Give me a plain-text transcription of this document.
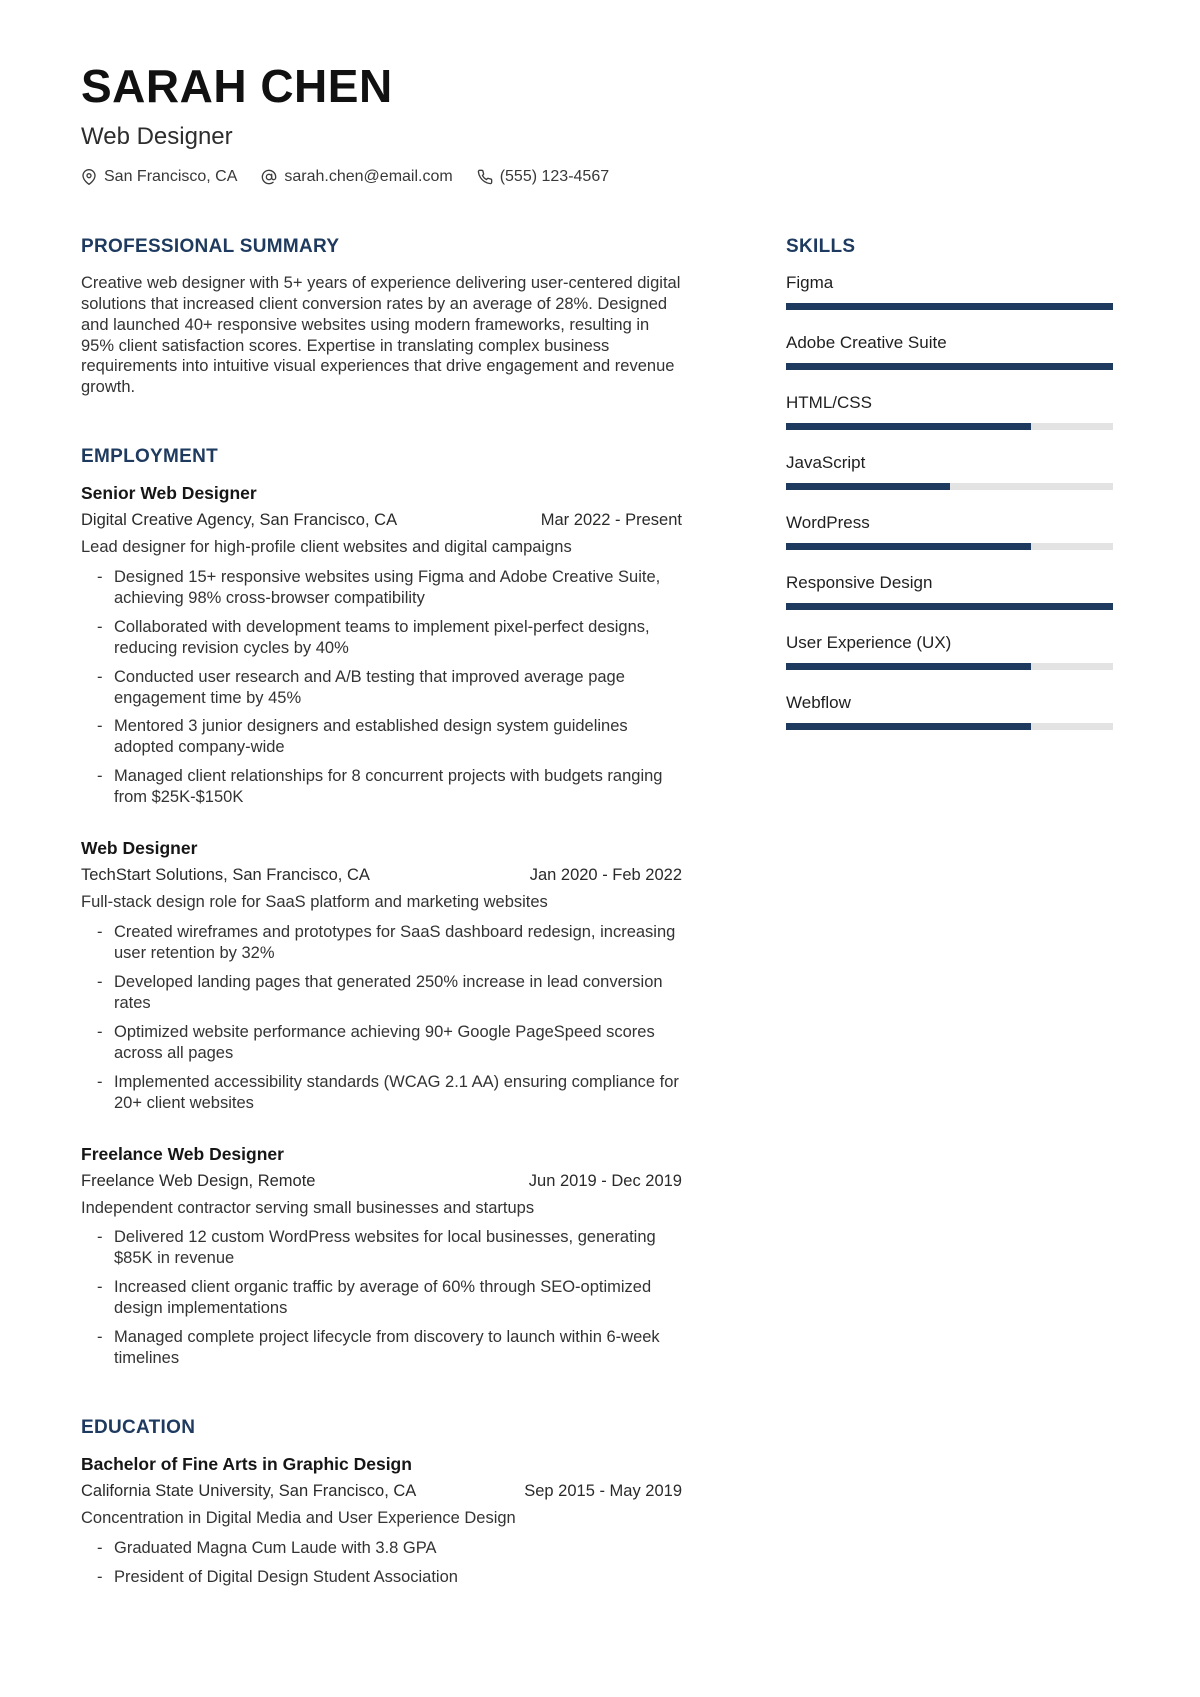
SARAH CHEN
Web Designer
San Francisco, CA	sarah.chen@email.com	(555) 123-4567
PROFESSIONAL SUMMARY

Creative web designer with 5+ years of experience delivering user-centered digital solutions that increased client conversion rates by an average of 28%. Designed and launched 40+ responsive websites using modern frameworks, resulting in 95% client satisfaction scores. Expertise in translating complex business requirements into intuitive visual experiences that drive engagement and revenue growth.

EMPLOYMENT
Senior Web Designer
Digital Creative Agency, San Francisco, CA	Mar 2022 - Present

Lead designer for high-profile client websites and digital campaigns

- Designed 15+ responsive websites using Figma and Adobe Creative Suite, achieving 98% cross-browser compatibility
- Collaborated with development teams to implement pixel-perfect designs, reducing revision cycles by 40%
- Conducted user research and A/B testing that improved average page engagement time by 45%
- Mentored 3 junior designers and established design system guidelines adopted company-wide
- Managed client relationships for 8 concurrent projects with budgets ranging from $25K-$150K
Web Designer
TechStart Solutions, San Francisco, CA	Jan 2020 - Feb 2022

Full-stack design role for SaaS platform and marketing websites

- Created wireframes and prototypes for SaaS dashboard redesign, increasing user retention by 32%
- Developed landing pages that generated 250% increase in lead conversion rates
- Optimized website performance achieving 90+ Google PageSpeed scores across all pages
- Implemented accessibility standards (WCAG 2.1 AA) ensuring compliance for 20+ client websites
Freelance Web Designer
Freelance Web Design, Remote	Jun 2019 - Dec 2019

Independent contractor serving small businesses and startups

- Delivered 12 custom WordPress websites for local businesses, generating $85K in revenue
- Increased client organic traffic by average of 60% through SEO-optimized design implementations
- Managed complete project lifecycle from discovery to launch within 6-week timelines
EDUCATION
Bachelor of Fine Arts in Graphic Design
California State University, San Francisco, CA	Sep 2015 - May 2019

Concentration in Digital Media and User Experience Design

- Graduated Magna Cum Laude with 3.8 GPA
- President of Digital Design Student Association
SKILLS
Figma
Adobe Creative Suite
HTML/CSS
JavaScript
WordPress
Responsive Design
User Experience (UX)
Webflow
